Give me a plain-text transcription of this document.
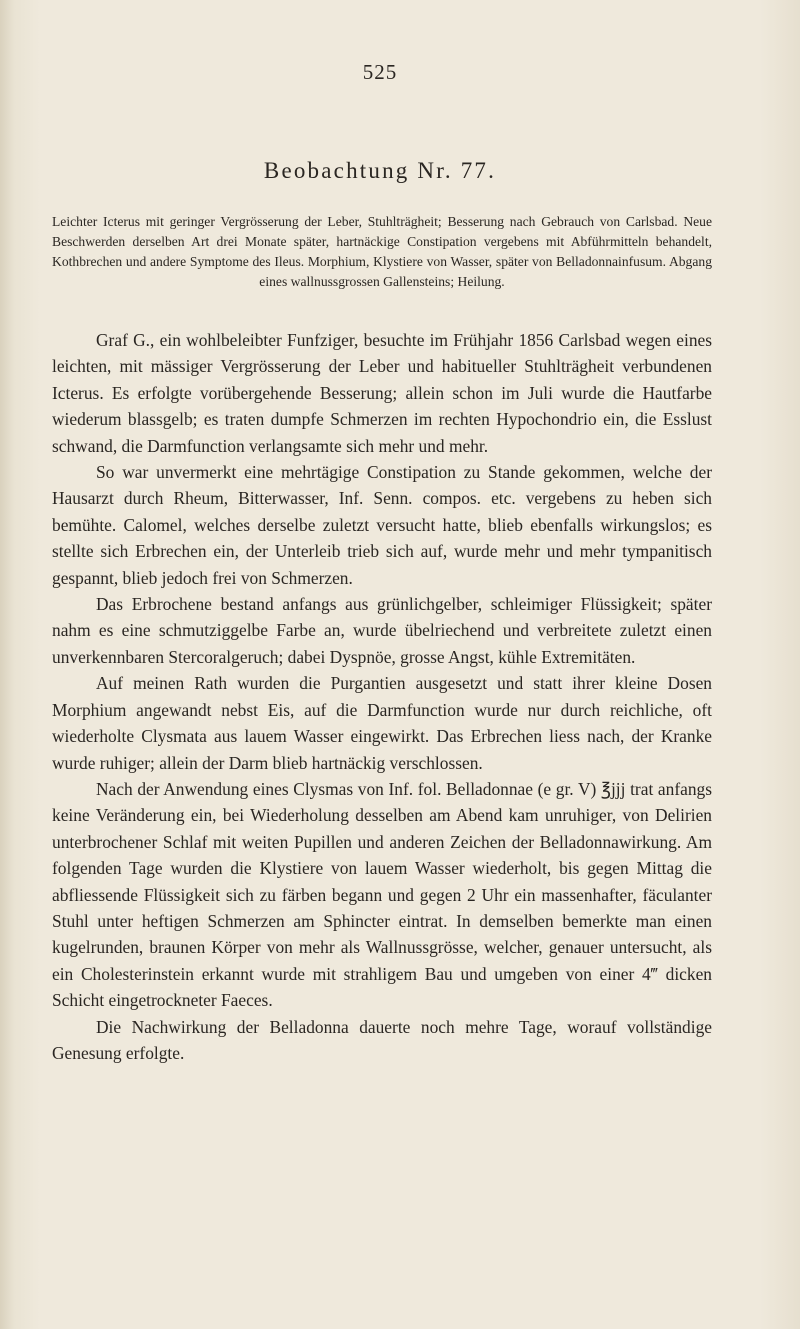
525
Beobachtung Nr. 77.
Leichter Icterus mit geringer Vergrösserung der Leber, Stuhlträgheit; Besserung nach Gebrauch von Carlsbad. Neue Beschwerden derselben Art drei Monate später, hartnäckige Constipation vergebens mit Abführmitteln behandelt, Kothbrechen und andere Symptome des Ileus. Morphium, Klystiere von Wasser, später von Belladonnainfusum. Abgang eines wallnussgrossen Gallensteins; Heilung.

Graf G., ein wohlbeleibter Funfziger, besuchte im Frühjahr 1856 Carlsbad wegen eines leichten, mit mässiger Vergrösserung der Leber und habitueller Stuhlträgheit verbundenen Icterus. Es erfolgte vorübergehende Besserung; allein schon im Juli wurde die Hautfarbe wiederum blassgelb; es traten dumpfe Schmerzen im rechten Hypochondrio ein, die Esslust schwand, die Darmfunction verlangsamte sich mehr und mehr.

So war unvermerkt eine mehrtägige Constipation zu Stande gekommen, welche der Hausarzt durch Rheum, Bitterwasser, Inf. Senn. compos. etc. vergebens zu heben sich bemühte. Calomel, welches derselbe zuletzt versucht hatte, blieb ebenfalls wirkungslos; es stellte sich Erbrechen ein, der Unterleib trieb sich auf, wurde mehr und mehr tympanitisch gespannt, blieb jedoch frei von Schmerzen.

Das Erbrochene bestand anfangs aus grünlichgelber, schleimiger Flüssigkeit; später nahm es eine schmutziggelbe Farbe an, wurde übelriechend und verbreitete zuletzt einen unverkennbaren Stercoralgeruch; dabei Dyspnöe, grosse Angst, kühle Extremitäten.

Auf meinen Rath wurden die Purgantien ausgesetzt und statt ihrer kleine Dosen Morphium angewandt nebst Eis, auf die Darmfunction wurde nur durch reichliche, oft wiederholte Clysmata aus lauem Wasser eingewirkt. Das Erbrechen liess nach, der Kranke wurde ruhiger; allein der Darm blieb hartnäckig verschlossen.

Nach der Anwendung eines Clysmas von Inf. fol. Belladonnae (e gr. V) ℥jjj trat anfangs keine Veränderung ein, bei Wiederholung desselben am Abend kam unruhiger, von Delirien unterbrochener Schlaf mit weiten Pupillen und anderen Zeichen der Belladonnawirkung. Am folgenden Tage wurden die Klystiere von lauem Wasser wiederholt, bis gegen Mittag die abfliessende Flüssigkeit sich zu färben begann und gegen 2 Uhr ein massenhafter, fäculanter Stuhl unter heftigen Schmerzen am Sphincter eintrat. In demselben bemerkte man einen kugelrunden, braunen Körper von mehr als Wallnussgrösse, welcher, genauer untersucht, als ein Cholesterinstein erkannt wurde mit strahligem Bau und umgeben von einer 4‴ dicken Schicht eingetrockneter Faeces.

Die Nachwirkung der Belladonna dauerte noch mehre Tage, worauf vollständige Genesung erfolgte.
